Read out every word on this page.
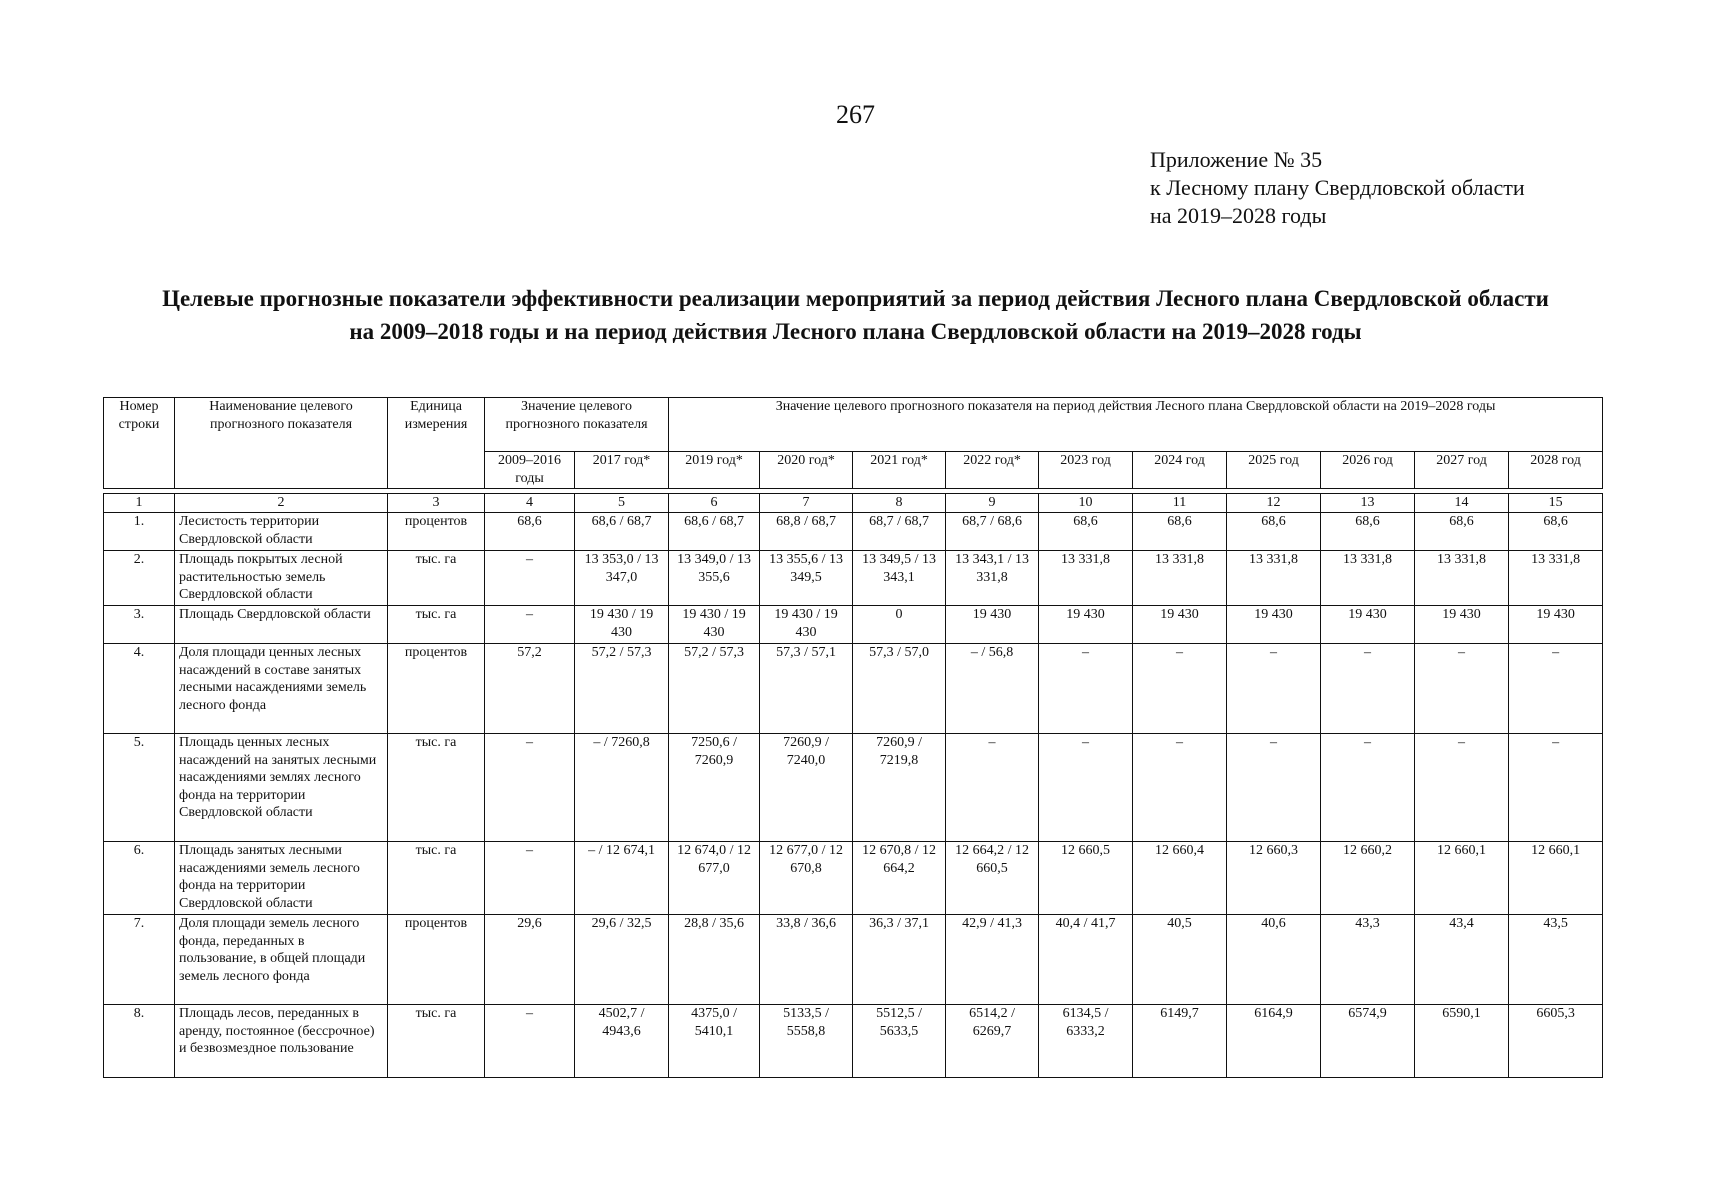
267
Приложение № 35
к Лесному плану Свердловской области
на 2019–2028 годы
Целевые прогнозные показатели эффективности реализации мероприятий за период действия Лесного плана Свердловской области
на 2009–2018 годы и на период действия Лесного плана Свердловской области на 2019–2028 годы
Номер строки	Наименование целевого прогнозного показателя	Единица измерения	Значение целевого прогнозного показателя		Значение целевого прогнозного показателя на период действия Лесного плана Свердловской области на 2019–2028 годы									
			2009–2016 годы	2017 год*	2019 год*	2020 год*	2021 год*	2022 год*	2023 год	2024 год	2025 год	2026 год	2027 год	2028 год

1	2	3	4	5	6	7	8	9	10	11	12	13	14	15
1.	Лесистость территории Свердловской области	процентов	68,6	68,6 / 68,7	68,6 / 68,7	68,8 / 68,7	68,7 / 68,7	68,7 / 68,6	68,6	68,6	68,6	68,6	68,6	68,6
2.	Площадь покрытых лесной растительностью земель Свердловской области	тыс. га	–	13 353,0 / 13 347,0	13 349,0 / 13 355,6	13 355,6 / 13 349,5	13 349,5 / 13 343,1	13 343,1 / 13 331,8	13 331,8	13 331,8	13 331,8	13 331,8	13 331,8	13 331,8
3.	Площадь Свердловской области	тыс. га	–	19 430 / 19 430	19 430 / 19 430	19 430 / 19 430	0	19 430	19 430	19 430	19 430	19 430	19 430	19 430
4.	Доля площади ценных лесных насаждений в составе занятых лесными насаждениями земель лесного фонда	процентов	57,2	57,2 / 57,3	57,2 / 57,3	57,3 / 57,1	57,3 / 57,0	– / 56,8	–	–	–	–	–	–
5.	Площадь ценных лесных насаждений на занятых лесными насаждениями землях лесного фонда на территории Свердловской области	тыс. га	–	– / 7260,8	7250,6 / 7260,9	7260,9 / 7240,0	7260,9 / 7219,8	–	–	–	–	–	–	–
6.	Площадь занятых лесными насаждениями земель лесного фонда на территории Свердловской области	тыс. га	–	– / 12 674,1	12 674,0 / 12 677,0	12 677,0 / 12 670,8	12 670,8 / 12 664,2	12 664,2 / 12 660,5	12 660,5	12 660,4	12 660,3	12 660,2	12 660,1	12 660,1
7.	Доля площади земель лесного фонда, переданных в пользование, в общей площади земель лесного фонда	процентов	29,6	29,6 / 32,5	28,8 / 35,6	33,8 / 36,6	36,3 / 37,1	42,9 / 41,3	40,4 / 41,7	40,5	40,6	43,3	43,4	43,5
8.	Площадь лесов, переданных в аренду, постоянное (бессрочное) и безвозмездное пользование	тыс. га	–	4502,7 / 4943,6	4375,0 / 5410,1	5133,5 / 5558,8	5512,5 / 5633,5	6514,2 / 6269,7	6134,5 / 6333,2	6149,7	6164,9	6574,9	6590,1	6605,3
